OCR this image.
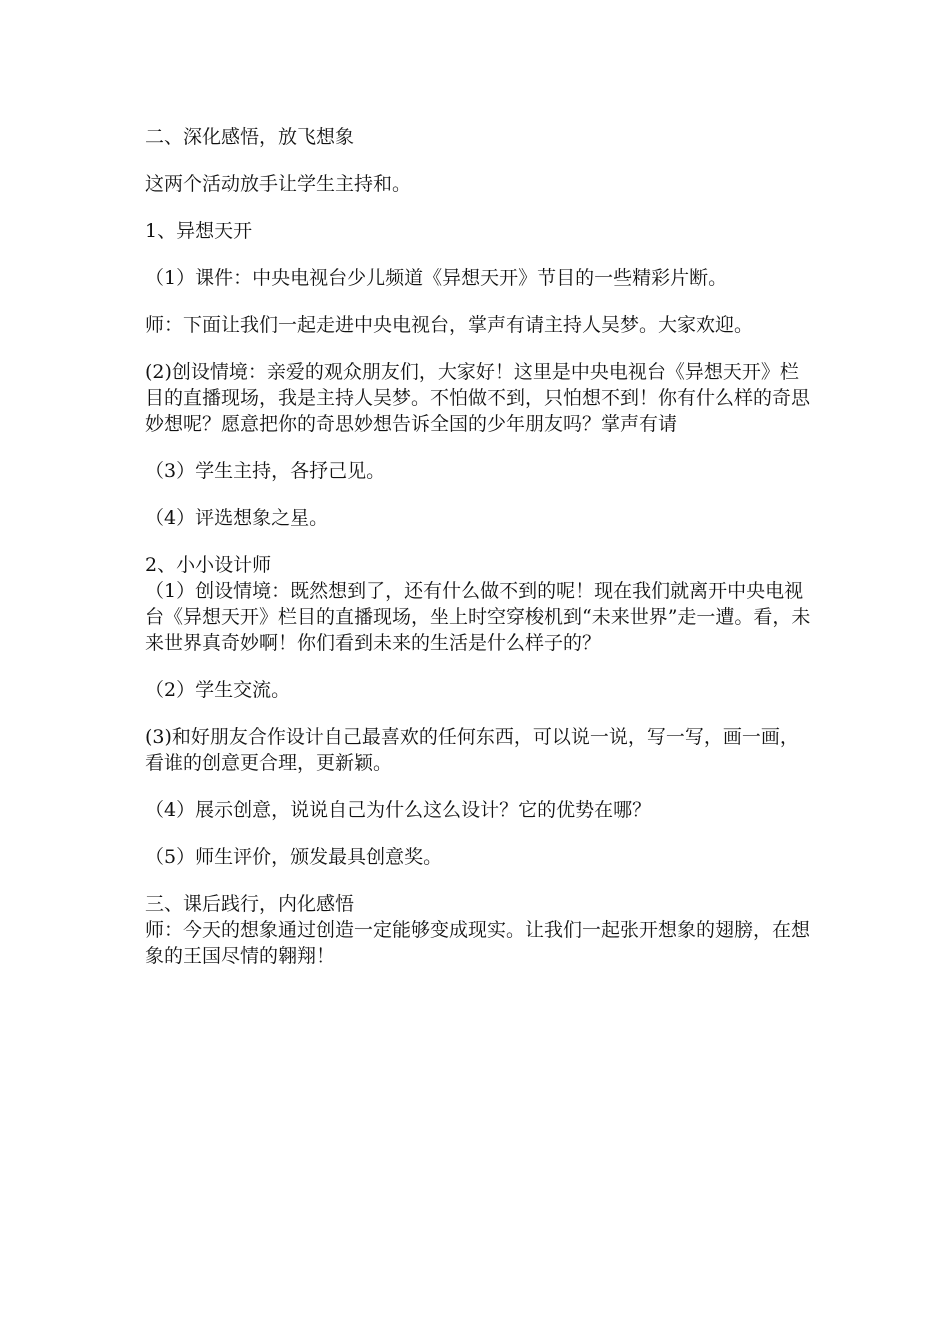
二、深化感悟，放飞想象

这两个活动放手让学生主持和。

1、异想天开

（1）课件：中央电视台少儿频道《异想天开》节目的一些精彩片断。

师：下面让我们一起走进中央电视台，掌声有请主持人吴梦。大家欢迎。

(2)创设情境：亲爱的观众朋友们，大家好！这里是中央电视台《异想天开》栏目的直播现场，我是主持人吴梦。不怕做不到，只怕想不到！你有什么样的奇思妙想呢？愿意把你的奇思妙想告诉全国的少年朋友吗？掌声有请

（3）学生主持，各抒己见。

（4）评选想象之星。

2、小小设计师

（1）创设情境：既然想到了，还有什么做不到的呢！现在我们就离开中央电视台《异想天开》栏目的直播现场，坐上时空穿梭机到“未来世界”走一遭。看，未来世界真奇妙啊！你们看到未来的生活是什么样子的？

（2）学生交流。

(3)和好朋友合作设计自己最喜欢的任何东西，可以说一说，写一写，画一画，看谁的创意更合理，更新颖。

（4）展示创意，说说自己为什么这么设计？它的优势在哪？

（5）师生评价，颁发最具创意奖。

三、课后践行，内化感悟

师：今天的想象通过创造一定能够变成现实。让我们一起张开想象的翅膀，在想象的王国尽情的翱翔！
